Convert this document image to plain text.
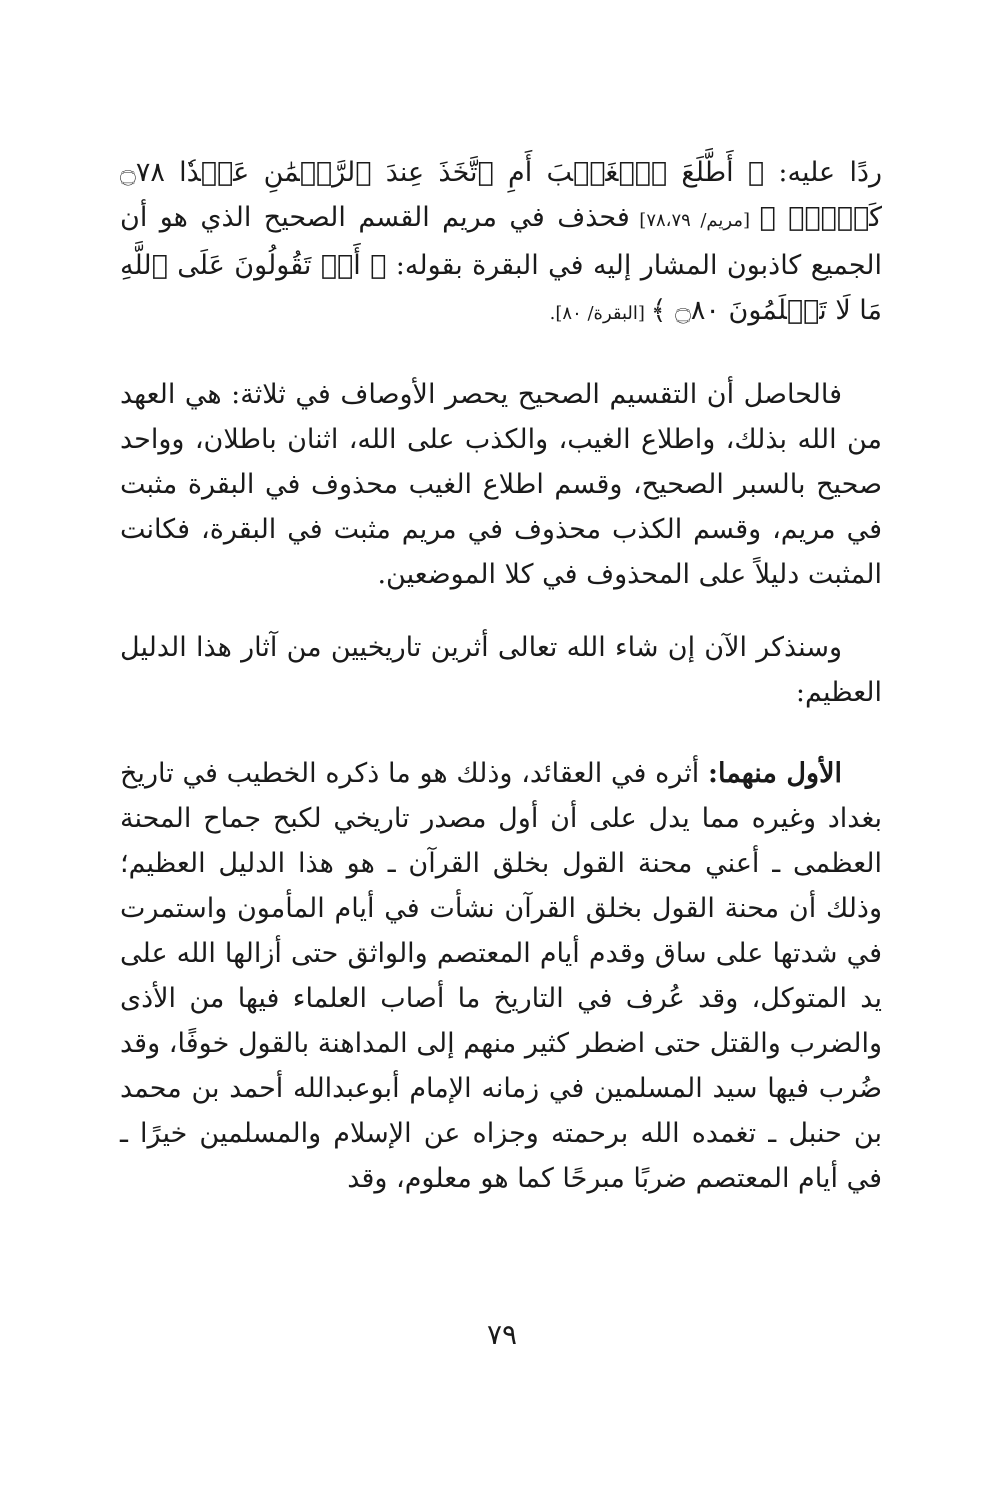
ردًا عليه: ﴿ أَطَّلَعَ ٱلۡغَيۡبَ أَمِ ٱتَّخَذَ عِندَ ٱلرَّحۡمَٰنِ عَهۡدٗا ۝٧٨ كَلَّاۚ ﴾ [مريم/ ٧٨،٧٩] فحذف في مريم القسم الصحيح الذي هو أن الجميع كاذبون المشار إليه في البقرة بقوله: ﴿ أَمۡ تَقُولُونَ عَلَى ٱللَّهِ مَا لَا تَعۡلَمُونَ ۝٨٠ ﴾ [البقرة/ ٨٠].

فالحاصل أن التقسيم الصحيح يحصر الأوصاف في ثلاثة: هي العهد من الله بذلك، واطلاع الغيب، والكذب على الله، اثنان باطلان، وواحد صحيح بالسبر الصحيح، وقسم اطلاع الغيب محذوف في البقرة مثبت في مريم، وقسم الكذب محذوف في مريم مثبت في البقرة، فكانت المثبت دليلاً على المحذوف في كلا الموضعين.

وسنذكر الآن إن شاء الله تعالى أثرين تاريخيين من آثار هذا الدليل العظيم:

الأول منهما: أثره في العقائد، وذلك هو ما ذكره الخطيب في تاريخ بغداد وغيره مما يدل على أن أول مصدر تاريخي لكبح جماح المحنة العظمى ـ أعني محنة القول بخلق القرآن ـ هو هذا الدليل العظيم؛ وذلك أن محنة القول بخلق القرآن نشأت في أيام المأمون واستمرت في شدتها على ساق وقدم أيام المعتصم والواثق حتى أزالها الله على يد المتوكل، وقد عُرف في التاريخ ما أصاب العلماء فيها من الأذى والضرب والقتل حتى اضطر كثير منهم إلى المداهنة بالقول خوفًا، وقد ضُرب فيها سيد المسلمين في زمانه الإمام أبوعبدالله أحمد بن محمد بن حنبل ـ تغمده الله برحمته وجزاه عن الإسلام والمسلمين خيرًا ـ في أيام المعتصم ضربًا مبرحًا كما هو معلوم، وقد

٧٩
